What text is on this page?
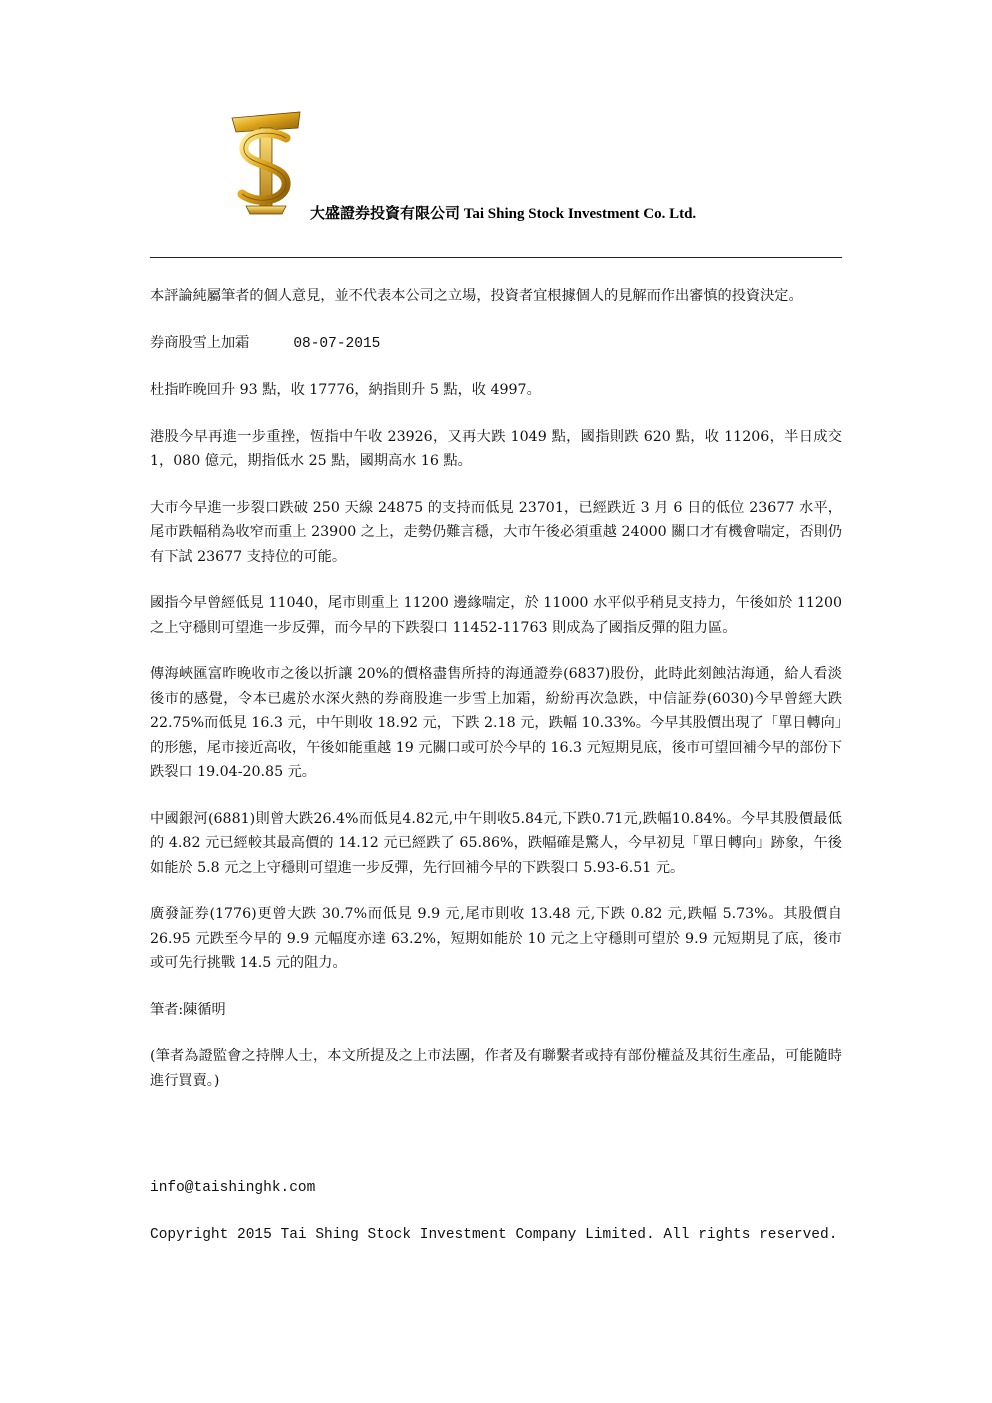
大盛證券投資有限公司 Tai Shing Stock Investment Co. Ltd.

本評論純屬筆者的個人意見，並不代表本公司之立場，投資者宜根據個人的見解而作出審慎的投資決定。

券商股雪上加霜	08-07-2015

杜指昨晚回升 93 點，收 17776，納指則升 5 點，收 4997。

港股今早再進一步重挫，恆指中午收 23926，又再大跌 1049 點，國指則跌 620 點，收 11206，半日成交 1，080 億元，期指低水 25 點，國期高水 16 點。

大市今早進一步裂口跌破 250 天線 24875 的支持而低見 23701，已經跌近 3 月 6 日的低位 23677 水平，尾市跌幅稍為收窄而重上 23900 之上，走勢仍難言穩，大市午後必須重越 24000 關口才有機會喘定，否則仍有下試 23677 支持位的可能。

國指今早曾經低見 11040，尾市則重上 11200 邊緣喘定，於 11000 水平似乎稍見支持力，午後如於 11200 之上守穩則可望進一步反彈，而今早的下跌裂口 11452-11763 則成為了國指反彈的阻力區。

傳海峽匯富昨晚收市之後以折讓 20%的價格盡售所持的海通證券(6837)股份，此時此刻蝕沽海通，給人看淡後市的感覺，令本已處於水深火熱的券商股進一步雪上加霜，紛紛再次急跌，中信証券(6030)今早曾經大跌 22.75%而低見 16.3 元，中午則收 18.92 元，下跌 2.18 元，跌幅 10.33%。今早其股價出現了「單日轉向」的形態，尾市接近高收，午後如能重越 19 元關口或可於今早的 16.3 元短期見底，後市可望回補今早的部份下跌裂口 19.04-20.85 元。

中國銀河(6881)則曾大跌26.4%而低見4.82元,中午則收5.84元,下跌0.71元,跌幅10.84%。今早其股價最低的 4.82 元已經較其最高價的 14.12 元已經跌了 65.86%，跌幅確是驚人，今早初見「單日轉向」跡象，午後如能於 5.8 元之上守穩則可望進一步反彈，先行回補今早的下跌裂口 5.93-6.51 元。

廣發証券(1776)更曾大跌 30.7%而低見 9.9 元,尾市則收 13.48 元,下跌 0.82 元,跌幅 5.73%。其股價自 26.95 元跌至今早的 9.9 元幅度亦達 63.2%，短期如能於 10 元之上守穩則可望於 9.9 元短期見了底，後市或可先行挑戰 14.5 元的阻力。

筆者:陳循明

(筆者為證監會之持牌人士，本文所提及之上市法團，作者及有聯繫者或持有部份權益及其衍生產品，可能隨時進行買賣。)

info@taishinghk.com
Copyright 2015 Tai Shing Stock Investment Company Limited. All rights reserved.
